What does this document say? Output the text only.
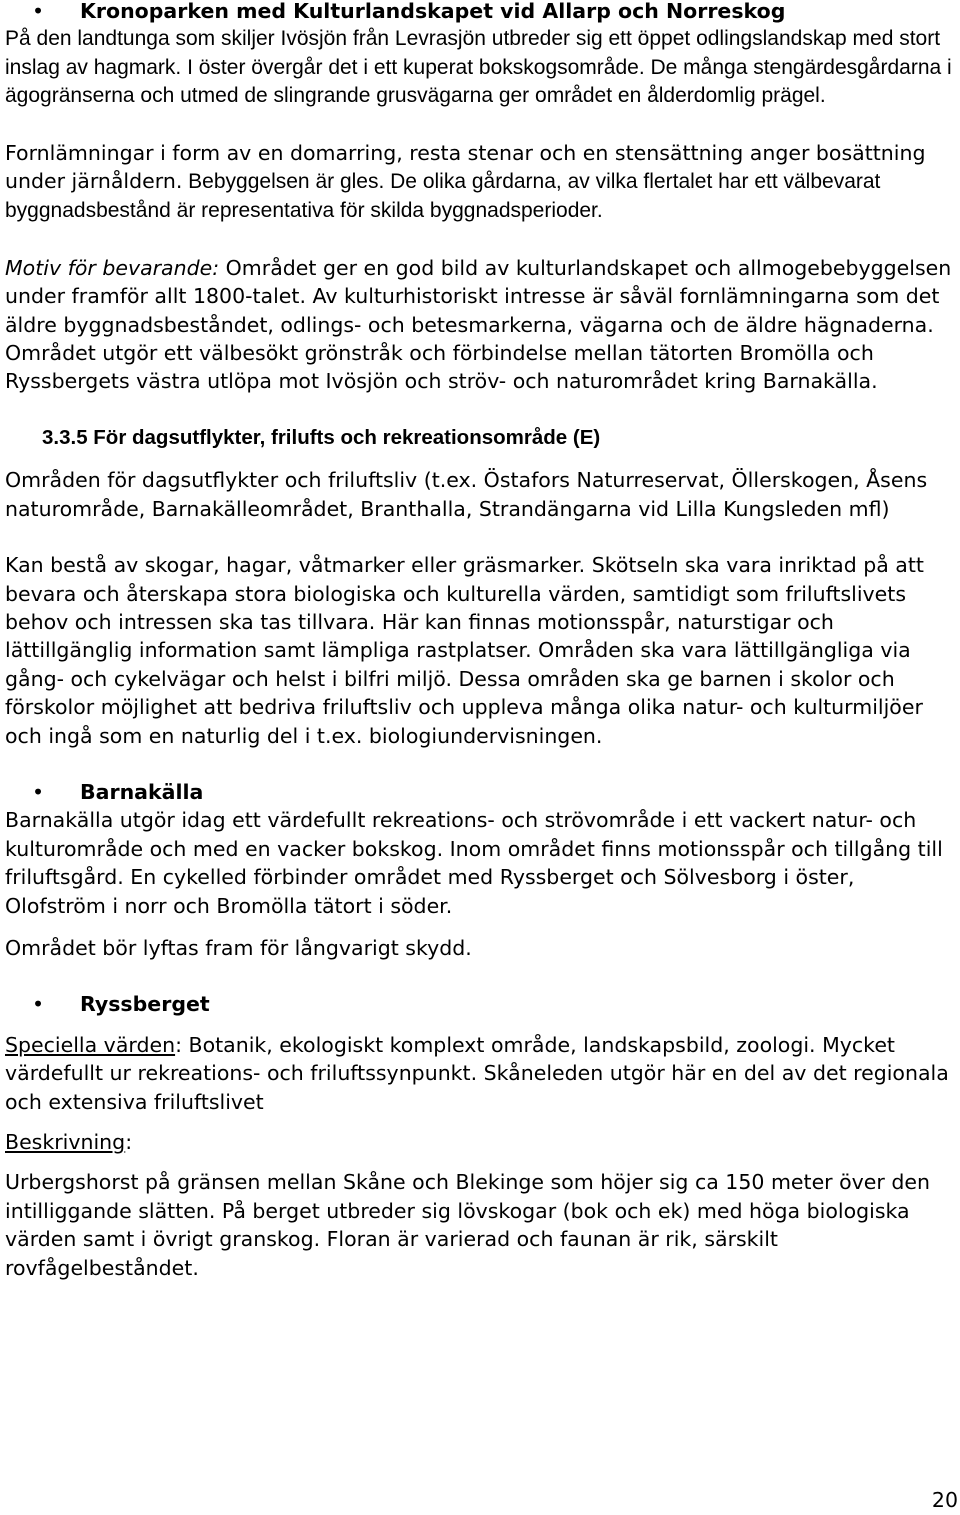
• Kronoparken med Kulturlandskapet vid Allarp och Norreskog

På den landtunga som skiljer Ivösjön från Levrasjön utbreder sig ett öppet odlingslandskap med stort inslag av hagmark. I öster övergår det i ett kuperat bokskogsområde. De många stengärdesgårdarna i ägogränserna och utmed de slingrande grusvägarna ger området en ålderdomlig prägel.

Fornlämningar i form av en domarring, resta stenar och en stensättning anger bosättning under järnåldern. Bebyggelsen är gles. De olika gårdarna, av vilka flertalet har ett välbevarat byggnadsbestånd är representativa för skilda byggnadsperioder.

Motiv för bevarande: Området ger en god bild av kulturlandskapet och allmogebebyggelsen under framför allt 1800-talet. Av kulturhistoriskt intresse är såväl fornlämningarna som det äldre byggnadsbeståndet, odlings- och betesmarkerna, vägarna och de äldre hägnaderna.

Området utgör ett välbesökt grönstråk och förbindelse mellan tätorten Bromölla och Ryssbergets västra utlöpa mot Ivösjön och ströv- och naturområdet kring Barnakälla.

3.3.5 För dagsutflykter, frilufts och rekreationsområde (E)

Områden för dagsutflykter och friluftsliv (t.ex. Östafors Naturreservat, Öllerskogen, Åsens naturområde, Barnakälleområdet, Branthalla, Strandängarna vid Lilla Kungsleden mfl)

Kan bestå av skogar, hagar, våtmarker eller gräsmarker. Skötseln ska vara inriktad på att bevara och återskapa stora biologiska och kulturella värden, samtidigt som friluftslivets behov och intressen ska tas tillvara. Här kan finnas motionsspår, naturstigar och lättillgänglig information samt lämpliga rastplatser. Områden ska vara lättillgängliga via gång- och cykelvägar och helst i bilfri miljö. Dessa områden ska ge barnen i skolor och förskolor möjlighet att bedriva friluftsliv och uppleva många olika natur- och kulturmiljöer och ingå som en naturlig del i t.ex. biologiundervisningen.

• Barnakälla

Barnakälla utgör idag ett värdefullt rekreations- och strövområde i ett vackert natur- och kulturområde och med en vacker bokskog. Inom området finns motionsspår och tillgång till friluftsgård. En cykelled förbinder området med Ryssberget och Sölvesborg i öster, Olofström i norr och Bromölla tätort i söder.

Området bör lyftas fram för långvarigt skydd.

• Ryssberget

Speciella värden: Botanik, ekologiskt komplext område, landskapsbild, zoologi. Mycket värdefullt ur rekreations- och friluftssynpunkt. Skåneleden utgör här en del av det regionala och extensiva friluftslivet

Beskrivning:

Urbergshorst på gränsen mellan Skåne och Blekinge som höjer sig ca 150 meter över den intilliggande slätten. På berget utbreder sig lövskogar (bok och ek) med höga biologiska värden samt i övrigt granskog. Floran är varierad och faunan är rik, särskilt rovfågelbeståndet.

20
